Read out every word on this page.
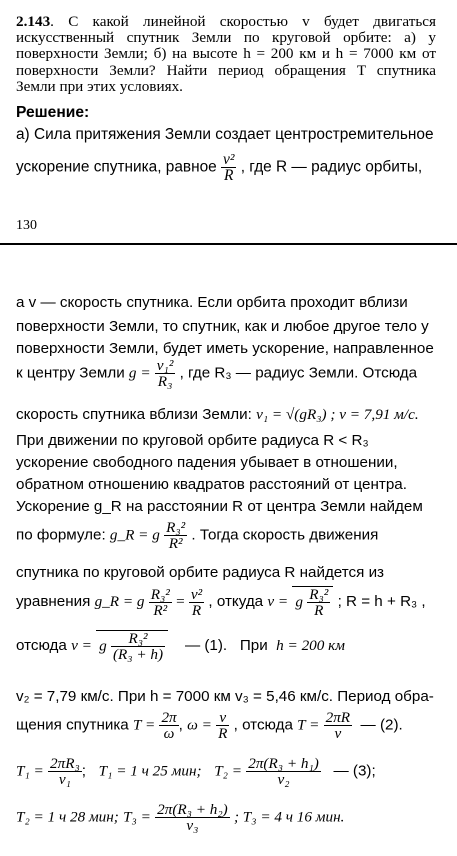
2.143. С какой линейной скоростью v будет двигаться искусственный спутник Земли по круговой орбите: а) у поверхности Земли; б) на высоте h = 200 км и h = 7000 км от поверхности Земли? Найти период обращения T спутника Земли при этих условиях.
Решение:
а) Сила притяжения Земли создает центростремительное
ускорение спутника, равное $\frac{\text{v²}}{R}$ , где R — радиус орбиты,
130
а v — скорость спутника. Если орбита проходит вблизи
поверхности Земли, то спутник, как и любое другое тело у
поверхности Земли, будет иметь ускорение, направленное
к центру Земли $g = \frac{\text{v₁²}}{\text{R₃}}$ , где R₃ — радиус Земли. Отсюда
скорость спутника вблизи Земли: v₁ = √(gR₃) ; v = 7,91 м/с.
При движении по круговой орбите радиуса R < R₃
ускорение свободного падения убывает в отношении,
обратном отношению квадратов расстояний от центра.
Ускорение g_R на расстоянии R от центра Земли найдем
по формуле: g_R = g $\frac{\text{R₃²}}{\text{R²}}$ . Тогда скорость движения
спутника по круговой орбите радиуса R найдется из
уравнения g_R = g $\frac{\text{R₃²}}{\text{R²}} = \frac{\text{v²}}{R}$ , откуда v = g $\frac{\text{R₃²}}{R}$ ; R = h + R₃ ,
отсюда v = g $\frac{\text{R₃²}}{\text{(R₃ + h)}}$ — (1). При h = 200 км
v₂ = 7,79 км/с. При h = 7000 км v₃ = 5,46 км/с. Период обра-
щения спутника $T = \frac{2\pi}{\omega}$ , $\omega = \frac{v}{R}$ , отсюда $T = \frac{2\pi R}{v}$ — (2).
$T_1 = \frac{\text{2πR₃}}{\text{v₁}}$ ;   T₁ = 1 ч 25 мин; $T_2 = \frac{\text{2π(R₃ + h₁)}}{\text{v₂}}$ — (3);
T₂ = 1 ч 28 мин; $T_3 = \frac{\text{2π(R₃ + h₂)}}{\text{v₃}}$ ; T₃ = 4 ч 16 мин.
